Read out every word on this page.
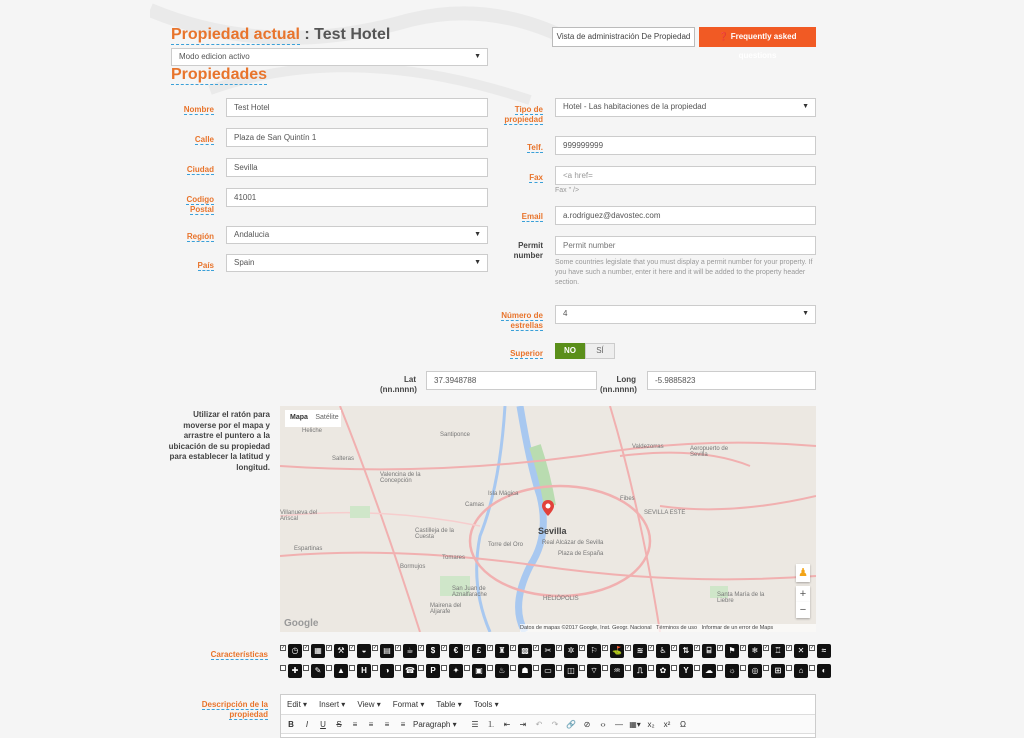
Propiedad actual : Test Hotel	Vista de administración De Propiedad	❓ Frequently asked questions
Modo edicion activo	▼
Propiedades
Nombre	Test Hotel
Calle	Plaza de San Quintín 1
Ciudad	Sevilla
Codigo Postal
41001
Región	Andalucia	▼
País	Spain	▼
Tipo de propiedad
Hotel - Las habitaciones de la propiedad	▼
Telf.	999999999
Fax	<a href=
Fax " />
Email	a.rodriguez@davostec.com
Permit number
Permit number
Some countries legislate that you must display a permit number for your property. If you have such a number, enter it here and it will be added to the property header section.
Número de estrellas
4	▼
Superior	NO	SÍ
Lat (nn.nnnn)
37.3948788	Long (nn.nnnn)
-5.9885823
Utilizar el ratón para moverse por el mapa y arrastre el puntero a la ubicación de su propiedad para establecer la latitud y longitud.
Mapa	Satélite
Heliche
Salteras
Santiponce
Valencina de la Concepción
Valdezorras	Aeropuerto de Sevilla
Isla Mágica
Camas
Fibes
Villanueva del Ariscal
Castilleja de la Cuesta
Sevilla
SEVILLA ESTE
Espartinas
Tomares
Torre del Oro	Real Alcázar de Sevilla
Plaza de España
Bormujos
HELIÓPOLIS
San Juan de Aznalfarache
Mairena del Aljarafe
Santa María de la Liebre
♟
+
−
Google	Datos de mapas ©2017 Google, Inst. Geogr. Nacional Términos de uso Informar de un error de Maps
Características
✓ ◷	✓ ▦	✓ ⚒	✓ ◒	✓ ▤	✓ ☕	✓ $	✓ €	✓ £	✓ ♜	✓ ▩	✓ ✂	✓ ✲	✓ ⚐	✓ ⛳ ✓ ≋	✓ ♿	✓ ⇅	✓ ⌸	✓ ⚑	✓ ❄	✓ ♖	✓ ✕	✓ ≈
✚	✎	▲	H	◑	☎	P	✦	▣	♨	☗	▭	◫	⌔	♒	⎍	✿	Y	☁	☼	◎	⊞	⌂	◐
Descripción de la propiedad
Edit ▾ Insert ▾ View ▾ Format ▾ Table ▾ Tools ▾
B	I	U	S	≡	≡	≡	≡ Paragraph ▾	☰	⒈	⇤	⇥	↶	↷ 🔗 ⊘	‹›	— ▦▾ x₂	x²	Ω
